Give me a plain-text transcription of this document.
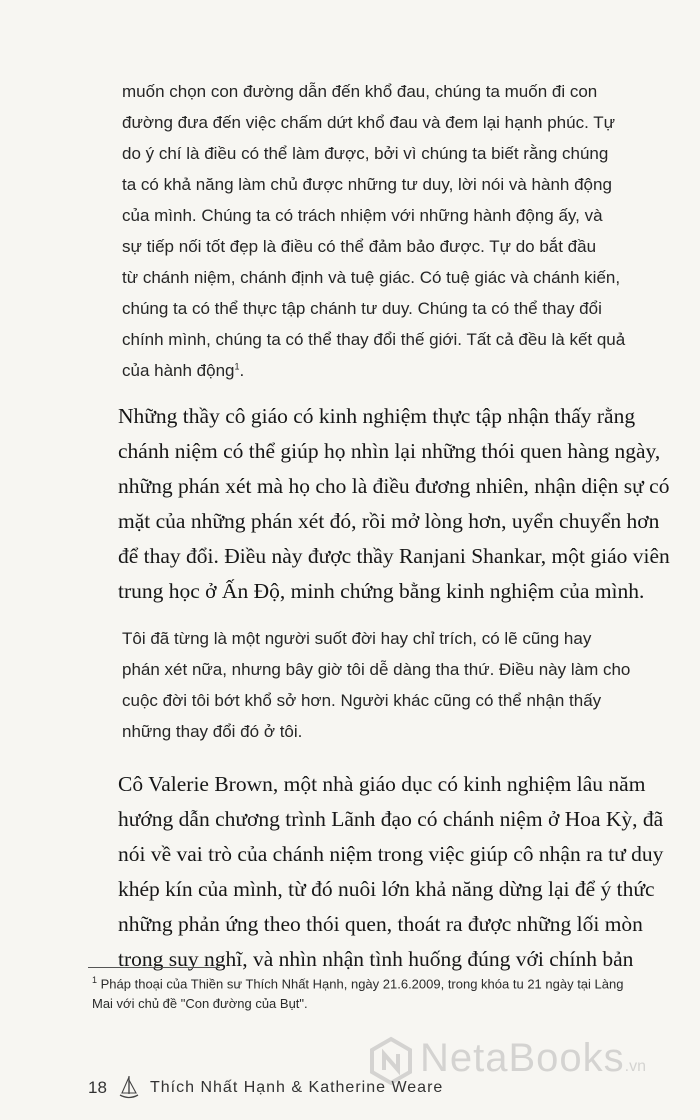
muốn chọn con đường dẫn đến khổ đau, chúng ta muốn đi con
đường đưa đến việc chấm dứt khổ đau và đem lại hạnh phúc. Tự
do ý chí là điều có thể làm được, bởi vì chúng ta biết rằng chúng
ta có khả năng làm chủ được những tư duy, lời nói và hành động
của mình. Chúng ta có trách nhiệm với những hành động ấy, và
sự tiếp nối tốt đẹp là điều có thể đảm bảo được. Tự do bắt đầu
từ chánh niệm, chánh định và tuệ giác. Có tuệ giác và chánh kiến,
chúng ta có thể thực tập chánh tư duy. Chúng ta có thể thay đổi
chính mình, chúng ta có thể thay đổi thế giới. Tất cả đều là kết quả
của hành động$^1$.
Những thầy cô giáo có kinh nghiệm thực tập nhận thấy rằng
chánh niệm có thể giúp họ nhìn lại những thói quen hàng ngày,
những phán xét mà họ cho là điều đương nhiên, nhận diện sự có
mặt của những phán xét đó, rồi mở lòng hơn, uyển chuyển hơn
để thay đổi. Điều này được thầy Ranjani Shankar, một giáo viên
trung học ở Ấn Độ, minh chứng bằng kinh nghiệm của mình.
Tôi đã từng là một người suốt đời hay chỉ trích, có lẽ cũng hay
phán xét nữa, nhưng bây giờ tôi dễ dàng tha thứ. Điều này làm cho
cuộc đời tôi bớt khổ sở hơn. Người khác cũng có thể nhận thấy
những thay đổi đó ở tôi.
Cô Valerie Brown, một nhà giáo dục có kinh nghiệm lâu năm
hướng dẫn chương trình Lãnh đạo có chánh niệm ở Hoa Kỳ, đã
nói về vai trò của chánh niệm trong việc giúp cô nhận ra tư duy
khép kín của mình, từ đó nuôi lớn khả năng dừng lại để ý thức
những phản ứng theo thói quen, thoát ra được những lối mòn
trong suy nghĩ, và nhìn nhận tình huống đúng với chính bản
$^1$ Pháp thoại của Thiền sư Thích Nhất Hạnh, ngày 21.6.2009, trong khóa tu 21 ngày tại Làng
Mai với chủ đề "Con đường của Bụt".
18	Thích Nhất Hạnh & Katherine Weare
NetaBooks.vn
